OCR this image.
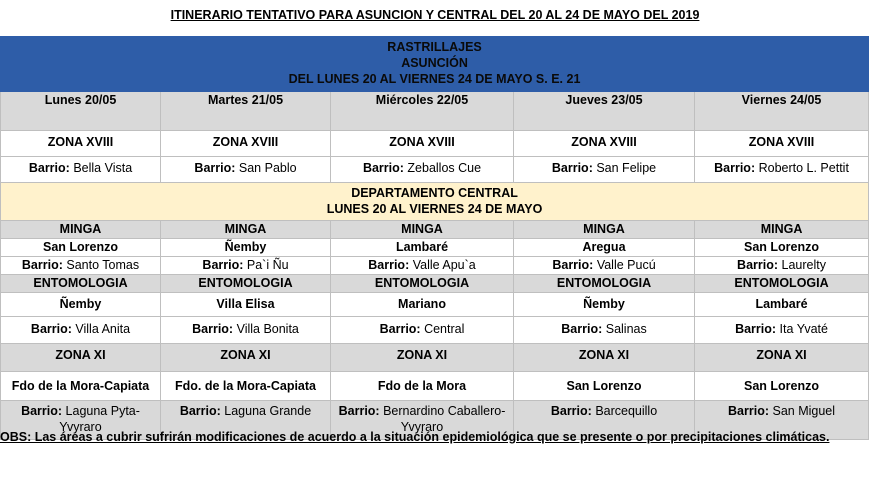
ITINERARIO TENTATIVO PARA ASUNCION Y CENTRAL DEL 20 AL 24 DE MAYO DEL 2019
RASTRILLAJES
ASUNCIÓN
DEL LUNES 20 AL VIERNES 24 DE MAYO S. E. 21				

Lunes 20/05	Martes 21/05	Miércoles 22/05	Jueves 23/05	Viernes 24/05
ZONA XVIII	ZONA XVIII	ZONA XVIII	ZONA XVIII	ZONA XVIII
Barrio: Bella Vista	Barrio: San Pablo	Barrio: Zeballos Cue	Barrio: San Felipe	Barrio: Roberto L. Pettit

DEPARTAMENTO CENTRAL
LUNES 20 AL VIERNES 24 DE MAYO				

MINGA	MINGA	MINGA	MINGA	MINGA
San Lorenzo	Ñemby	Lambaré	Aregua	San Lorenzo
Barrio: Santo Tomas	Barrio: Pa`i Ñu	Barrio: Valle Apu`a	Barrio: Valle Pucú	Barrio: Laurelty
ENTOMOLOGIA	ENTOMOLOGIA	ENTOMOLOGIA	ENTOMOLOGIA	ENTOMOLOGIA
Ñemby	Villa Elisa	Mariano	Ñemby	Lambaré
Barrio: Villa Anita	Barrio: Villa Bonita	Barrio: Central	Barrio: Salinas	Barrio: Ita Yvaté
ZONA XI	ZONA XI	ZONA XI	ZONA XI	ZONA XI
Fdo de la Mora-Capiata	Fdo. de la Mora-Capiata	Fdo de la Mora	San Lorenzo	San Lorenzo
Barrio: Laguna Pyta-Yvyraro	Barrio: Laguna Grande	Barrio: Bernardino Caballero-Yvyraro	Barrio: Barcequillo	Barrio: San Miguel
OBS: Las áreas a cubrir sufrirán modificaciones de acuerdo a la situación epidemiológica que se presente o por precipitaciones climáticas.
